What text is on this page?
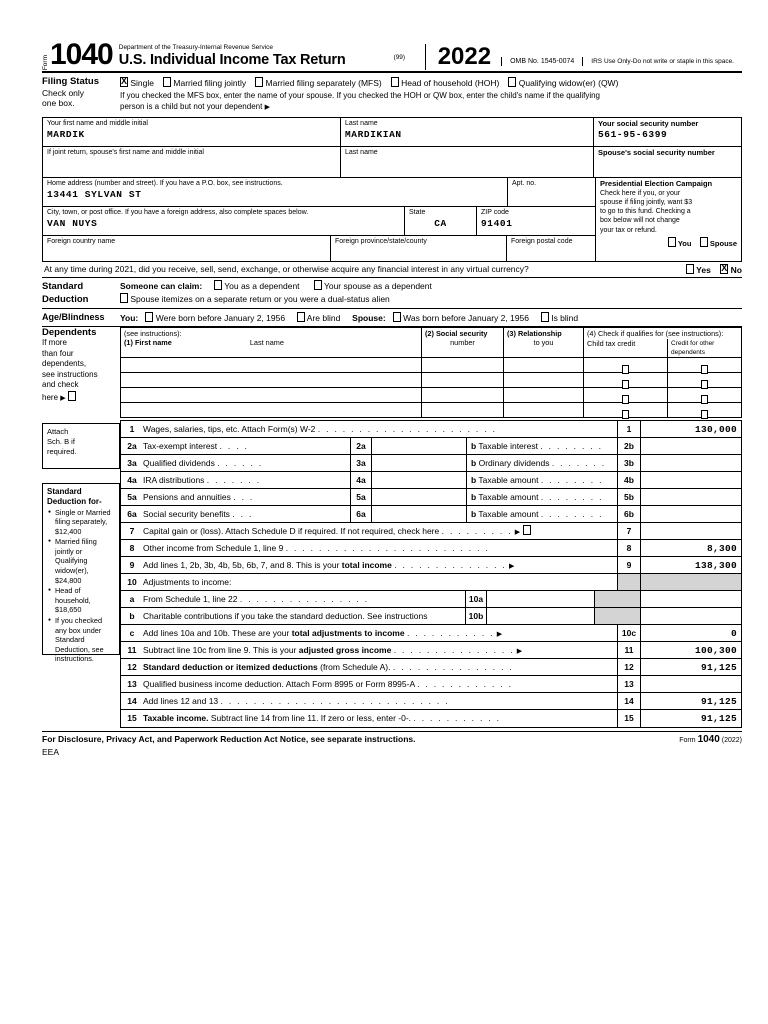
Form 1040 Department of the Treasury-Internal Revenue Service
U.S. Individual Income Tax Return	(99)	2022	OMB No. 1545-0074	IRS Use Only-Do not write or staple in this space.
Filing Status
Check only
one box.
X Single	Married filing jointly	Married filing separately (MFS)	Head of household (HOH)	Qualifying widow(er) (QW)
If you checked the MFS box, enter the name of your spouse. If you checked the HOH or QW box, enter the child's name if the qualifying
person is a child but not your dependent ▶
Your first name and middle initial
MARDIK
Last name
MARDIKIAN
Your social security number
561-95-6399
If joint return, spouse's first name and middle initial	Last name	Spouse's social security number
Home address (number and street). If you have a P.O. box, see instructions.
13441 SYLVAN ST
Apt. no.
City, town, or post office. If you have a foreign address, also complete spaces below.
VAN NUYS
State
CA
ZIP code
91401
Foreign country name	Foreign province/state/county	Foreign postal code
Presidential Election Campaign
Check here if you, or your
spouse if filing jointly, want $3
to go to this fund. Checking a
box below will not change
your tax or refund.
You Spouse
At any time during 2021, did you receive, sell, send, exchange, or otherwise acquire any financial interest in any virtual currency?	Yes X No
Standard
Deduction
Someone can claim:	You as a dependent	Your spouse as a dependent
Spouse itemizes on a separate return or you were a dual-status alien
Age/Blindness	You: Were born before January 2, 1956	Are blind Spouse: Was born before January 2, 1956	Is blind
Dependents
If more
than four
dependents,
see instructions
and check
here ▶
(see instructions):
(1) First name	Last name
(2) Social security
number
(3) Relationship
to you
(4) Check if qualifies for (see instructions):
Child tax credit	Credit for other dependents
Attach
Sch. B if
required.
Standard
Deduction for-
● Single or Married filing separately, $12,400
● Married filing jointly or Qualifying widow(er), $24,800
● Head of household, $18,650
● If you checked any box under Standard Deduction, see instructions.
1	Wages, salaries, tips, etc. Attach Form(s) W-2 . . . . . . . . . . . . . . . . . . . . . .	1	130,000
2a Tax-exempt interest . . . .	2a	b Taxable interest . . . . . . . .	2b
3a Qualified dividends . . . . . .	3a	b Ordinary dividends . . . . . . .	3b
4a IRA distributions . . . . . . .	4a	b Taxable amount . . . . . . . .	4b
5a Pensions and annuities . . .	5a	b Taxable amount . . . . . . . .	5b
6a Social security benefits . . .	6a	b Taxable amount . . . . . . . .	6b
7	Capital gain or (loss). Attach Schedule D if required. If not required, check here . . . . . . . . . ▶	7
8	Other income from Schedule 1, line 9 . . . . . . . . . . . . . . . . . . . . . . . . .	8	8,300
9	Add lines 1, 2b, 3b, 4b, 5b, 6b, 7, and 8. This is your total income . . . . . . . . . . . . . . ▶	9	138,300
10 Adjustments to income:
a	From Schedule 1, line 22 . . . . . . . . . . . . . . . .	10a
b Charitable contributions if you take the standard deduction. See instructions	10b
c	Add lines 10a and 10b. These are your total adjustments to income . . . . . . . . . . . ▶	10c	0
11 Subtract line 10c from line 9. This is your adjusted gross income . . . . . . . . . . . . . . . ▶	11	100,300
12 Standard deduction or itemized deductions (from Schedule A). . . . . . . . . . . . . . . .	12	91,125
13 Qualified business income deduction. Attach Form 8995 or Form 8995-A . . . . . . . . . . . .	13
14 Add lines 12 and 13 . . . . . . . . . . . . . . . . . . . . . . . . . . . .	14	91,125
15 Taxable income. Subtract line 14 from line 11. If zero or less, enter -0-. . . . . . . . . . . .	15	91,125
For Disclosure, Privacy Act, and Paperwork Reduction Act Notice, see separate instructions.	Form 1040 (2022)
EEA
